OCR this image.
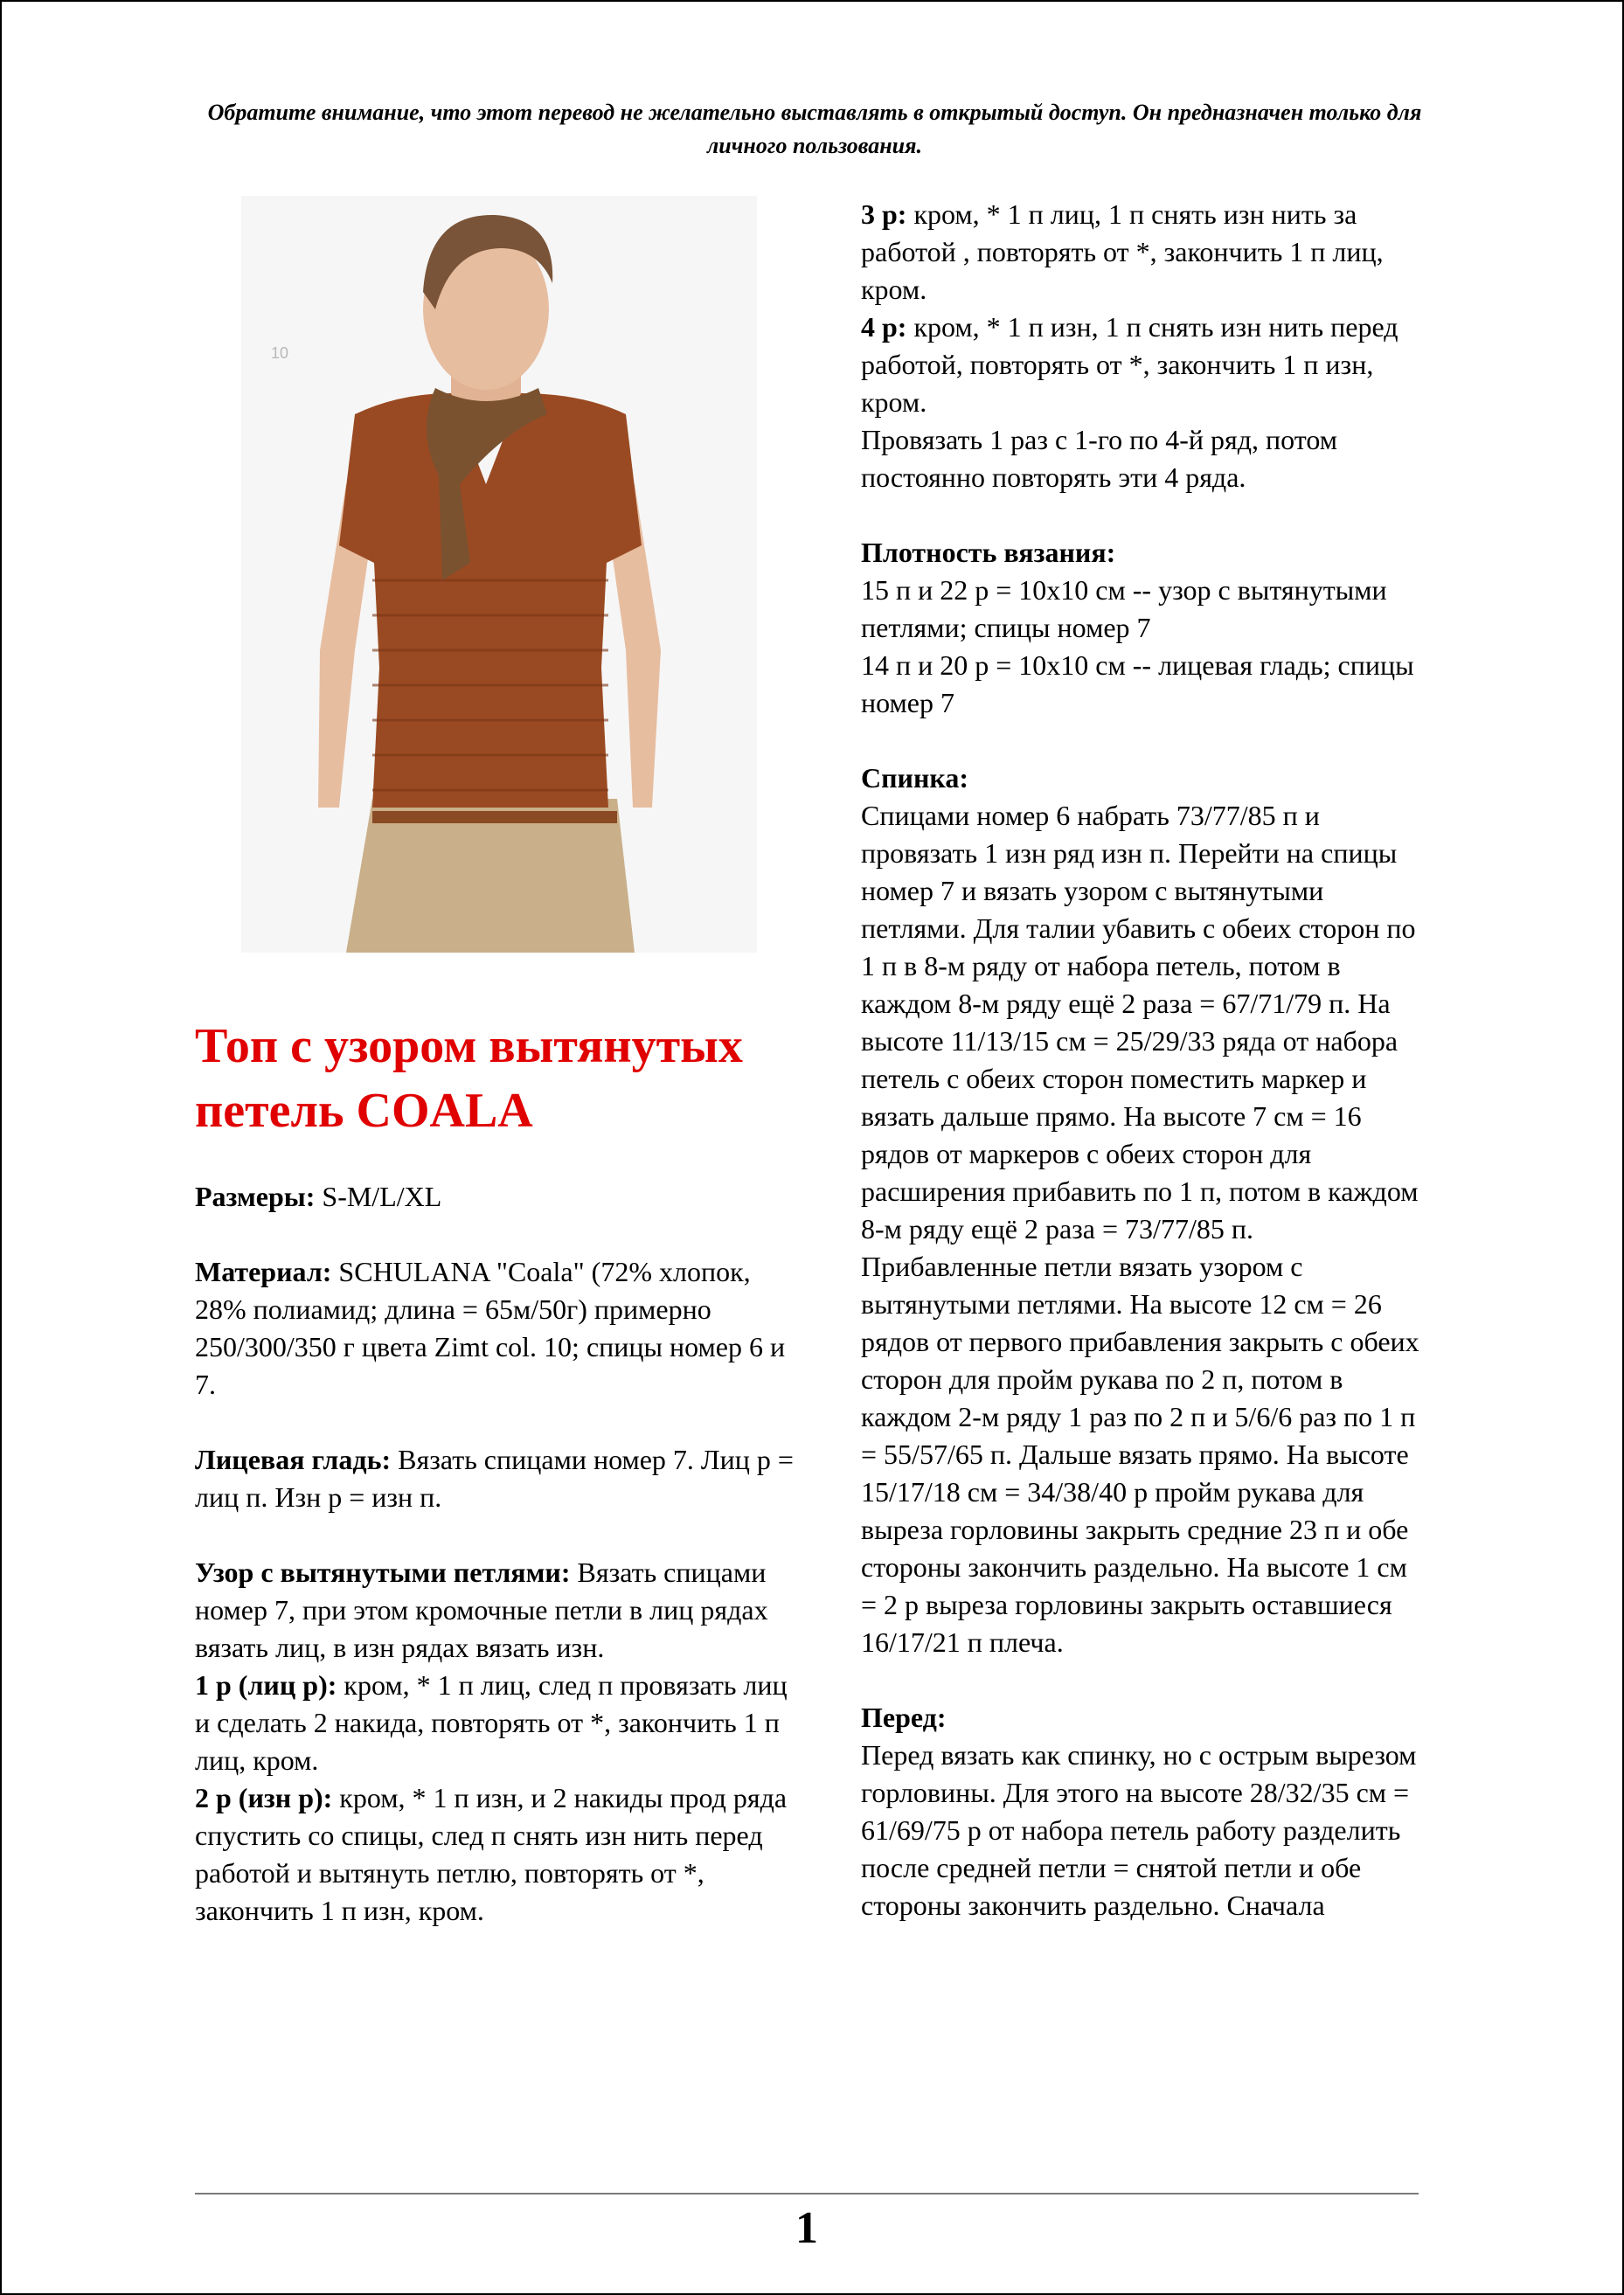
Обратите внимание, что этот перевод не желательно выставлять в открытый доступ. Он предназначен только для личного пользования.
10
Топ с узором вытянутых петель COALA

Размеры: S-M/L/XL

Материал: SCHULANA "Coala" (72% хлопок, 28% полиамид; длина = 65м/50г) примерно 250/300/350 г цвета Zimt col. 10; спицы номер 6 и 7.

Лицевая гладь: Вязать спицами номер 7. Лиц р = лиц п. Изн р = изн п.

Узор с вытянутыми петлями: Вязать спицами номер 7, при этом кромочные петли в лиц рядах вязать лиц, в изн рядах вязать изн.

1 р (лиц р): кром, * 1 п лиц, след п провязать лиц и сделать 2 накида, повторять от *, закончить 1 п лиц, кром.

2 р (изн р): кром, * 1 п изн, и 2 накиды прод ряда спустить со спицы, след п снять изн нить перед работой и вытянуть петлю, повторять от *, закончить 1 п изн, кром.

3 р: кром, * 1 п лиц, 1 п снять изн нить за работой , повторять от *, закончить 1 п лиц, кром.

4 р: кром, * 1 п изн, 1 п снять изн нить перед работой, повторять от *, закончить 1 п изн, кром.

Провязать 1 раз с 1-го по 4-й ряд, потом постоянно повторять эти 4 ряда.

Плотность вязания:

15 п и 22 р = 10х10 см -- узор с вытянутыми петлями; спицы номер 7

14 п и 20 р = 10х10 см -- лицевая гладь; спицы номер 7

Спинка:

Спицами номер 6 набрать 73/77/85 п и провязать 1 изн ряд изн п. Перейти на спицы номер 7 и вязать узором с вытянутыми петлями. Для талии убавить с обеих сторон по 1 п в 8-м ряду от набора петель, потом в каждом 8-м ряду ещё 2 раза = 67/71/79 п. На высоте 11/13/15 см = 25/29/33 ряда от набора петель с обеих сторон поместить маркер и вязать дальше прямо. На высоте 7 см = 16 рядов от маркеров с обеих сторон для расширения прибавить по 1 п, потом в каждом 8-м ряду ещё 2 раза = 73/77/85 п. Прибавленные петли вязать узором с вытянутыми петлями. На высоте 12 см = 26 рядов от первого прибавления закрыть с обеих сторон для пройм рукава по 2 п, потом в каждом 2-м ряду 1 раз по 2 п и 5/6/6 раз по 1 п = 55/57/65 п. Дальше вязать прямо. На высоте 15/17/18 см = 34/38/40 р пройм рукава для выреза горловины закрыть средние 23 п и обе стороны закончить раздельно. На высоте 1 см = 2 р выреза горловины закрыть оставшиеся 16/17/21 п плеча.

Перед:

Перед вязать как спинку, но с острым вырезом горловины. Для этого на высоте 28/32/35 см = 61/69/75 р от набора петель работу разделить после средней петли = снятой петли и обе стороны закончить раздельно. Сначала

1
